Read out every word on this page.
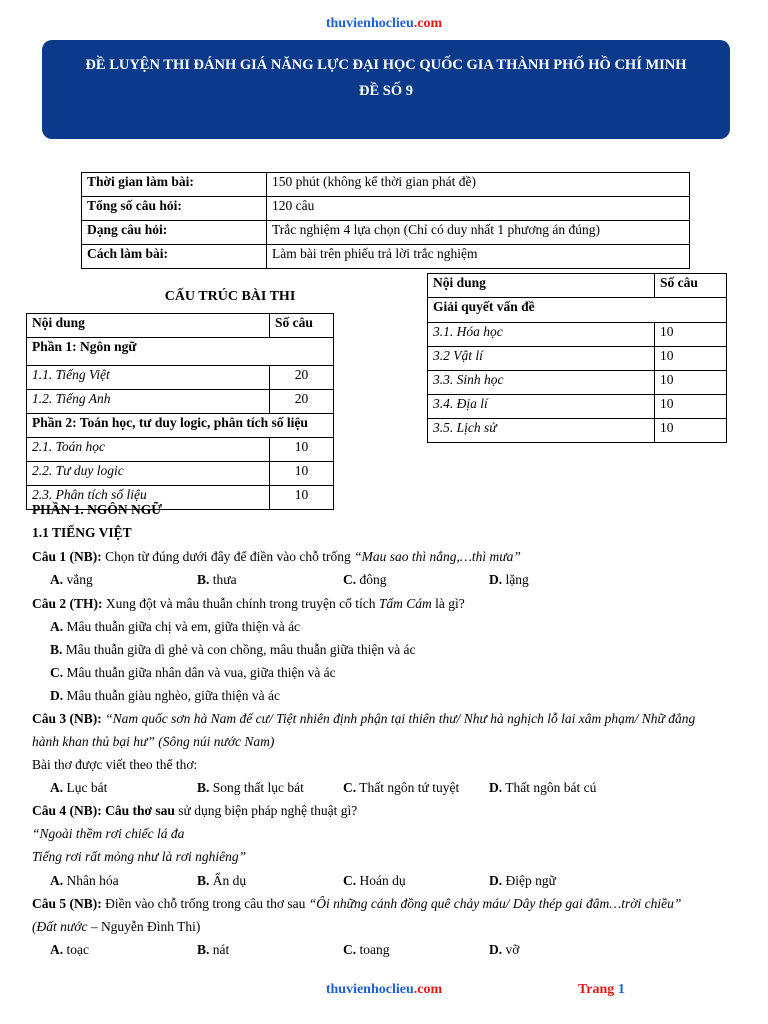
thuvienhoclieu.com
ĐỀ LUYỆN THI ĐÁNH GIÁ NĂNG LỰC ĐẠI HỌC QUỐC GIA THÀNH PHỐ HỒ CHÍ MINH
ĐỀ SỐ 9
Thời gian làm bài:	150 phút (không kể thời gian phát đề)
Tổng số câu hỏi:	120 câu
Dạng câu hỏi:	Trắc nghiệm 4 lựa chọn (Chỉ có duy nhất 1 phương án đúng)
Cách làm bài:	Làm bài trên phiếu trả lời trắc nghiệm
CẤU TRÚC BÀI THI
Nội dung	Số câu
Phần 1: Ngôn ngữ	
1.1. Tiếng Việt	20
1.2. Tiếng Anh	20
Phần 2: Toán học, tư duy logic, phân tích số liệu	
2.1. Toán học	10
2.2. Tư duy logic	10
2.3. Phân tích số liệu	10
Nội dung	Số câu
Giải quyết vấn đề	
3.1. Hóa học	10
3.2 Vật lí	10
3.3. Sinh học	10
3.4. Địa lí	10
3.5. Lịch sử	10
PHẦN 1. NGÔN NGỮ
1.1 TIẾNG VIỆT
Câu 1 (NB): Chọn từ đúng dưới đây để điền vào chỗ trống “Mau sao thì nắng,…thì mưa”
A. vắng	B. thưa	C. đông	D. lặng
Câu 2 (TH): Xung đột và mâu thuẫn chính trong truyện cổ tích Tấm Cám là gì?
A. Mâu thuẫn giữa chị và em, giữa thiện và ác
B. Mâu thuẫn giữa dì ghẻ và con chồng, mâu thuẫn giữa thiện và ác
C. Mâu thuẫn giữa nhân dân và vua, giữa thiện và ác
D. Mâu thuẫn giàu nghèo, giữa thiện và ác
Câu 3 (NB): “Nam quốc sơn hà Nam đế cư/ Tiệt nhiên định phận tại thiên thư/ Như hà nghịch lỗ lai xâm phạm/ Nhữ đẳng
hành khan thủ bại hư” (Sông núi nước Nam)
Bài thơ được viết theo thể thơ:
A. Lục bát	B. Song thất lục bát	C. Thất ngôn tứ tuyệt D. Thất ngôn bát cú
Câu 4 (NB): Câu thơ sau sử dụng biện pháp nghệ thuật gì?
“Ngoài thềm rơi chiếc lá đa
Tiếng rơi rất mỏng như là rơi nghiêng”
A. Nhân hóa	B. Ẩn dụ	C. Hoán dụ	D. Điệp ngữ
Câu 5 (NB): Điền vào chỗ trống trong câu thơ sau “Ôi những cánh đồng quê chảy máu/ Dây thép gai đâm…trời chiều”
(Đất nước – Nguyễn Đình Thi)
A. toạc	B. nát	C. toang	D. vỡ
thuvienhoclieu.com	Trang 1
